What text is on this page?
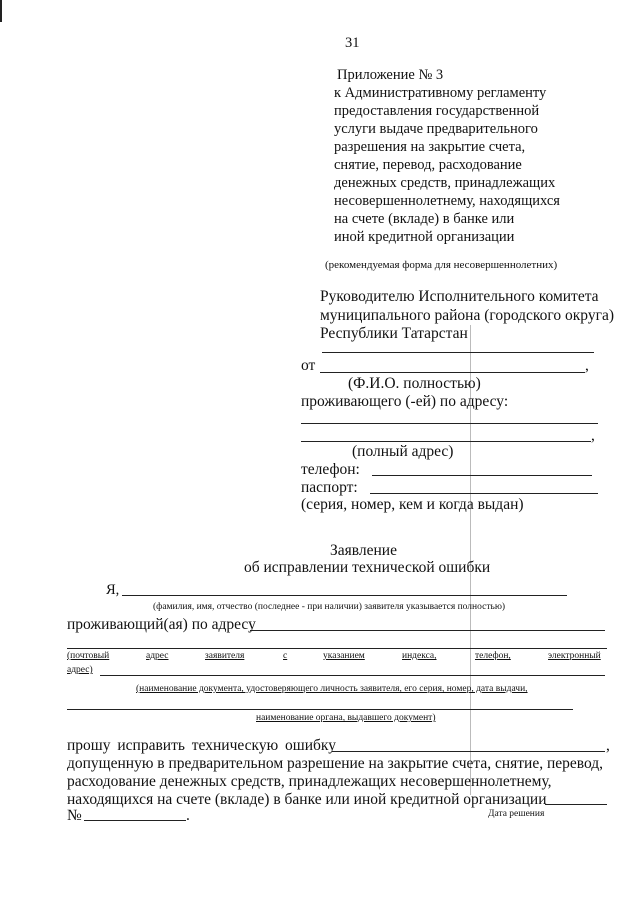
31
Приложение № 3
к Административному регламенту
предоставления государственной
услуги выдаче предварительного
разрешения на закрытие счета,
снятие, перевод, расходование
денежных средств, принадлежащих
несовершеннолетнему, находящихся
на счете (вкладе) в банке или
иной кредитной организации
(рекомендуемая форма для несовершеннолетних)
Руководителю Исполнительного комитета
муниципального района (городского округа)
Республики Татарстан
от	,
(Ф.И.О. полностью)
проживающего (-ей) по адресу:
,
(полный адрес)
телефон:
паспорт:
(серия, номер, кем и когда выдан)
Заявление
об исправлении технической ошибки
Я,
(фамилия, имя, отчество (последнее - при наличии) заявителя указывается полностью)
проживающий(ая) по адресу
(почтовый	адрес	заявителя	с	указанием	индекса,	телефон,	электронный
адрес)
(наименование документа, удостоверяющего личность заявителя, его серия, номер, дата выдачи,
наименование органа, выдавшего документ)
прошу исправить техническую ошибку	,
допущенную в предварительном разрешение на закрытие счета, снятие, перевод,
расходование денежных средств, принадлежащих несовершеннолетнему,
находящихся на счете (вкладе) в банке или иной кредитной организации
№	.	Дата решения
